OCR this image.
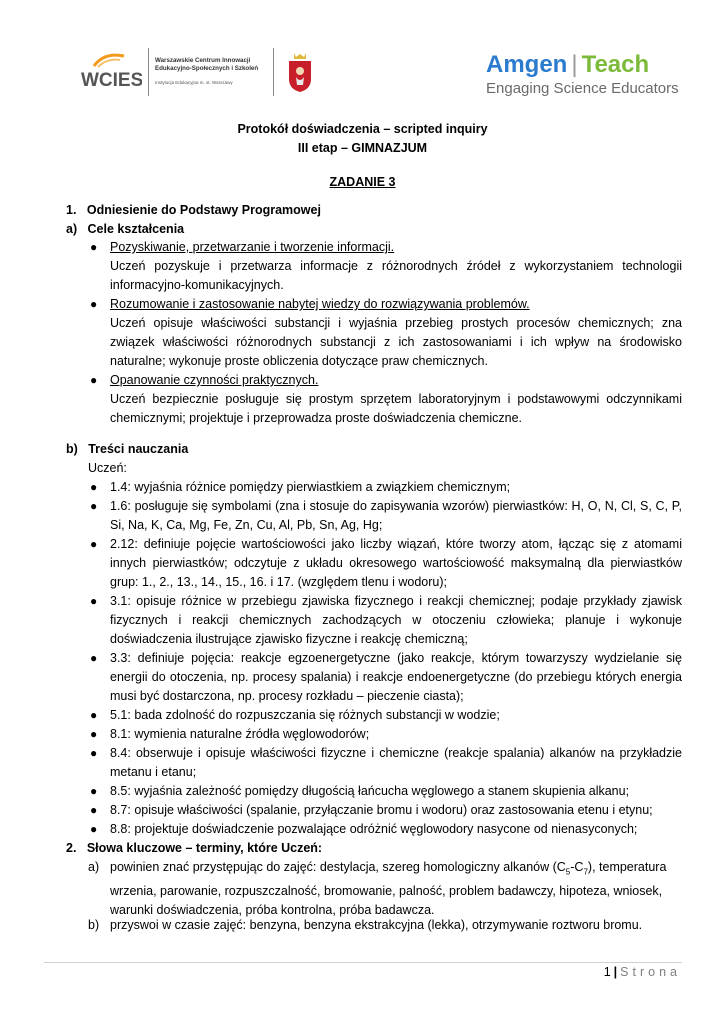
WCIES
Warszawskie Centrum Innowacji
Edukacyjno-Społecznych i Szkoleń
Instytucja Edukacyjna m. st. Warszawy
Amgen | Teach
Engaging Science Educators
Protokół doświadczenia – scripted inquiry
III etap – GIMNAZJUM
ZADANIE 3
1.   Odniesienie do Podstawy Programowej
a)   Cele kształcenia
● Pozyskiwanie, przetwarzanie i tworzenie informacji.
Uczeń pozyskuje i przetwarza informacje z różnorodnych źródeł z wykorzystaniem technologii informacyjno-komunikacyjnych.
● Rozumowanie i zastosowanie nabytej wiedzy do rozwiązywania problemów.
Uczeń opisuje właściwości substancji i wyjaśnia przebieg prostych procesów chemicznych; zna związek właściwości różnorodnych substancji z ich zastosowaniami i ich wpływ na środowisko naturalne; wykonuje proste obliczenia dotyczące praw chemicznych.
● Opanowanie czynności praktycznych.
Uczeń bezpiecznie posługuje się prostym sprzętem laboratoryjnym i podstawowymi odczynnikami chemicznymi; projektuje i przeprowadza proste doświadczenia chemiczne.
b)   Treści nauczania
Uczeń:
● 1.4: wyjaśnia różnice pomiędzy pierwiastkiem a związkiem chemicznym;
● 1.6: posługuje się symbolami (zna i stosuje do zapisywania wzorów) pierwiastków: H, O, N, Cl, S, C, P, Si, Na, K, Ca, Mg, Fe, Zn, Cu, Al, Pb, Sn, Ag, Hg;
● 2.12: definiuje pojęcie wartościowości jako liczby wiązań, które tworzy atom, łącząc się z atomami innych pierwiastków; odczytuje z układu okresowego wartościowość maksymalną dla pierwiastków grup: 1., 2., 13., 14., 15., 16. i 17. (względem tlenu i wodoru);
● 3.1: opisuje różnice w przebiegu zjawiska fizycznego i reakcji chemicznej; podaje przykłady zjawisk fizycznych i reakcji chemicznych zachodzących w otoczeniu człowieka; planuje i wykonuje doświadczenia ilustrujące zjawisko fizyczne i reakcję chemiczną;
● 3.3: definiuje pojęcia: reakcje egzoenergetyczne (jako reakcje, którym towarzyszy wydzielanie się energii do otoczenia, np. procesy spalania) i reakcje endoenergetyczne (do przebiegu których energia musi być dostarczona, np. procesy rozkładu – pieczenie ciasta);
● 5.1: bada zdolność do rozpuszczania się różnych substancji w wodzie;
● 8.1: wymienia naturalne źródła węglowodorów;
● 8.4: obserwuje i opisuje właściwości fizyczne i chemiczne (reakcje spalania) alkanów na przykładzie metanu i etanu;
● 8.5: wyjaśnia zależność pomiędzy długością łańcucha węglowego a stanem skupienia alkanu;
● 8.7: opisuje właściwości (spalanie, przyłączanie bromu i wodoru) oraz zastosowania etenu i etynu;
● 8.8: projektuje doświadczenie pozwalające odróżnić węglowodory nasycone od nienasyconych;
2.   Słowa kluczowe – terminy, które Uczeń:
a) powinien znać przystępując do zajęć: destylacja, szereg homologiczny alkanów $(C_5-C_7)$, temperatura wrzenia, parowanie, rozpuszczalność, bromowanie, palność, problem badawczy, hipoteza, wniosek, warunki doświadczenia, próba kontrolna, próba badawcza.
b) przyswoi w czasie zajęć: benzyna, benzyna ekstrakcyjna (lekka), otrzymywanie roztworu bromu.
1 | Strona
